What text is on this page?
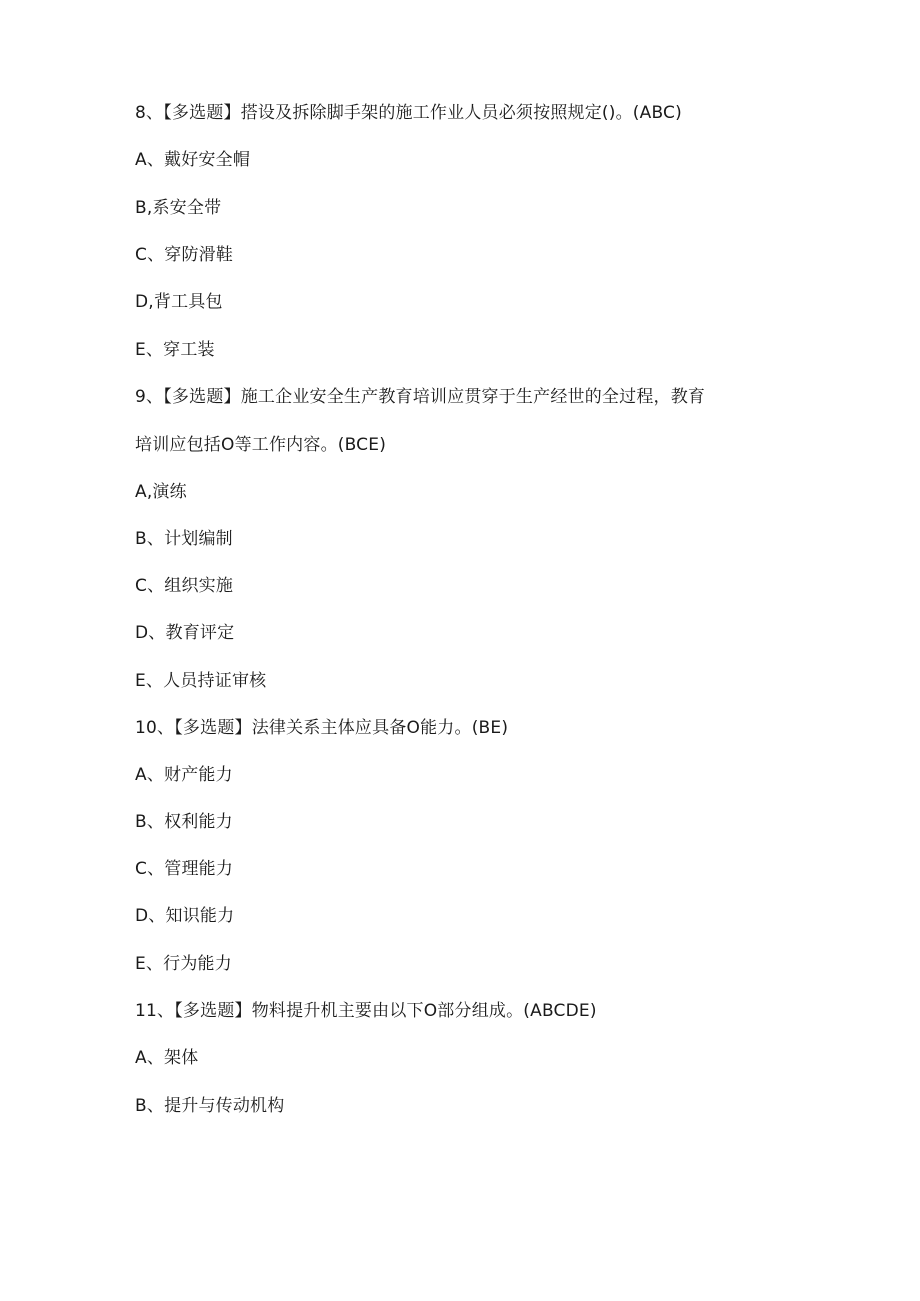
8、【多选题】搭设及拆除脚手架的施工作业人员必须按照规定()。(ABC)
A、戴好安全帽
B,系安全带
C、穿防滑鞋
D,背工具包
E、穿工装
9、【多选题】施工企业安全生产教育培训应贯穿于生产经世的全过程，教育
培训应包括O等工作内容。(BCE)
A,演练
B、计划编制
C、组织实施
D、教育评定
E、人员持证审核
10、【多选题】法律关系主体应具备O能力。(BE)
A、财产能力
B、权利能力
C、管理能力
D、知识能力
E、行为能力
11、【多选题】物料提升机主要由以下O部分组成。(ABCDE)
A、架体
B、提升与传动机构
